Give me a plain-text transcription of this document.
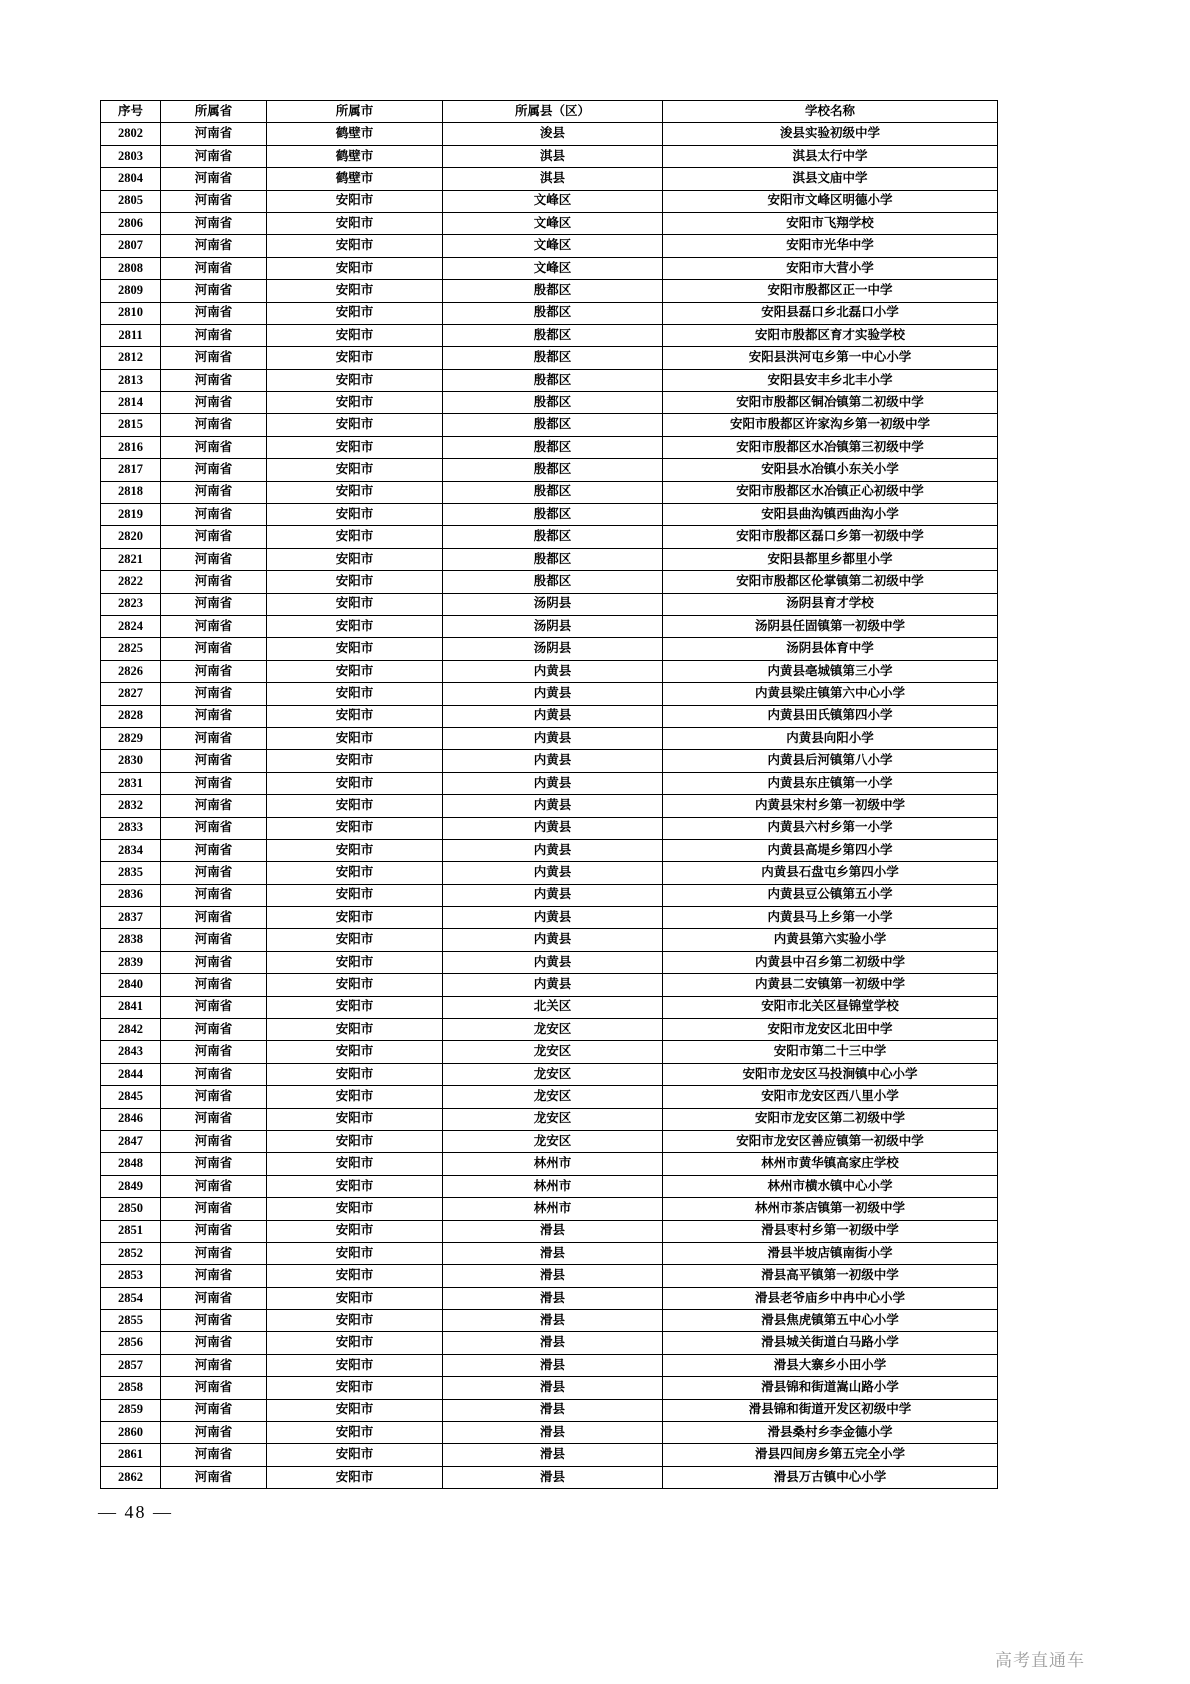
序号	所属省	所属市	所属县（区）	学校名称
2802	河南省	鹤壁市	浚县	浚县实验初级中学
2803	河南省	鹤壁市	淇县	淇县太行中学
2804	河南省	鹤壁市	淇县	淇县文庙中学
2805	河南省	安阳市	文峰区	安阳市文峰区明德小学
2806	河南省	安阳市	文峰区	安阳市飞翔学校
2807	河南省	安阳市	文峰区	安阳市光华中学
2808	河南省	安阳市	文峰区	安阳市大营小学
2809	河南省	安阳市	殷都区	安阳市殷都区正一中学
2810	河南省	安阳市	殷都区	安阳县磊口乡北磊口小学
2811	河南省	安阳市	殷都区	安阳市殷都区育才实验学校
2812	河南省	安阳市	殷都区	安阳县洪河屯乡第一中心小学
2813	河南省	安阳市	殷都区	安阳县安丰乡北丰小学
2814	河南省	安阳市	殷都区	安阳市殷都区铜冶镇第二初级中学
2815	河南省	安阳市	殷都区	安阳市殷都区许家沟乡第一初级中学
2816	河南省	安阳市	殷都区	安阳市殷都区水冶镇第三初级中学
2817	河南省	安阳市	殷都区	安阳县水冶镇小东关小学
2818	河南省	安阳市	殷都区	安阳市殷都区水冶镇正心初级中学
2819	河南省	安阳市	殷都区	安阳县曲沟镇西曲沟小学
2820	河南省	安阳市	殷都区	安阳市殷都区磊口乡第一初级中学
2821	河南省	安阳市	殷都区	安阳县都里乡都里小学
2822	河南省	安阳市	殷都区	安阳市殷都区伦掌镇第二初级中学
2823	河南省	安阳市	汤阴县	汤阴县育才学校
2824	河南省	安阳市	汤阴县	汤阴县任固镇第一初级中学
2825	河南省	安阳市	汤阴县	汤阴县体育中学
2826	河南省	安阳市	内黄县	内黄县亳城镇第三小学
2827	河南省	安阳市	内黄县	内黄县梁庄镇第六中心小学
2828	河南省	安阳市	内黄县	内黄县田氏镇第四小学
2829	河南省	安阳市	内黄县	内黄县向阳小学
2830	河南省	安阳市	内黄县	内黄县后河镇第八小学
2831	河南省	安阳市	内黄县	内黄县东庄镇第一小学
2832	河南省	安阳市	内黄县	内黄县宋村乡第一初级中学
2833	河南省	安阳市	内黄县	内黄县六村乡第一小学
2834	河南省	安阳市	内黄县	内黄县高堤乡第四小学
2835	河南省	安阳市	内黄县	内黄县石盘屯乡第四小学
2836	河南省	安阳市	内黄县	内黄县豆公镇第五小学
2837	河南省	安阳市	内黄县	内黄县马上乡第一小学
2838	河南省	安阳市	内黄县	内黄县第六实验小学
2839	河南省	安阳市	内黄县	内黄县中召乡第二初级中学
2840	河南省	安阳市	内黄县	内黄县二安镇第一初级中学
2841	河南省	安阳市	北关区	安阳市北关区昼锦堂学校
2842	河南省	安阳市	龙安区	安阳市龙安区北田中学
2843	河南省	安阳市	龙安区	安阳市第二十三中学
2844	河南省	安阳市	龙安区	安阳市龙安区马投涧镇中心小学
2845	河南省	安阳市	龙安区	安阳市龙安区西八里小学
2846	河南省	安阳市	龙安区	安阳市龙安区第二初级中学
2847	河南省	安阳市	龙安区	安阳市龙安区善应镇第一初级中学
2848	河南省	安阳市	林州市	林州市黄华镇高家庄学校
2849	河南省	安阳市	林州市	林州市横水镇中心小学
2850	河南省	安阳市	林州市	林州市茶店镇第一初级中学
2851	河南省	安阳市	滑县	滑县枣村乡第一初级中学
2852	河南省	安阳市	滑县	滑县半坡店镇南街小学
2853	河南省	安阳市	滑县	滑县高平镇第一初级中学
2854	河南省	安阳市	滑县	滑县老爷庙乡中冉中心小学
2855	河南省	安阳市	滑县	滑县焦虎镇第五中心小学
2856	河南省	安阳市	滑县	滑县城关街道白马路小学
2857	河南省	安阳市	滑县	滑县大寨乡小田小学
2858	河南省	安阳市	滑县	滑县锦和街道嵩山路小学
2859	河南省	安阳市	滑县	滑县锦和街道开发区初级中学
2860	河南省	安阳市	滑县	滑县桑村乡李金德小学
2861	河南省	安阳市	滑县	滑县四间房乡第五完全小学
2862	河南省	安阳市	滑县	滑县万古镇中心小学
— 48 —
高考直通车
